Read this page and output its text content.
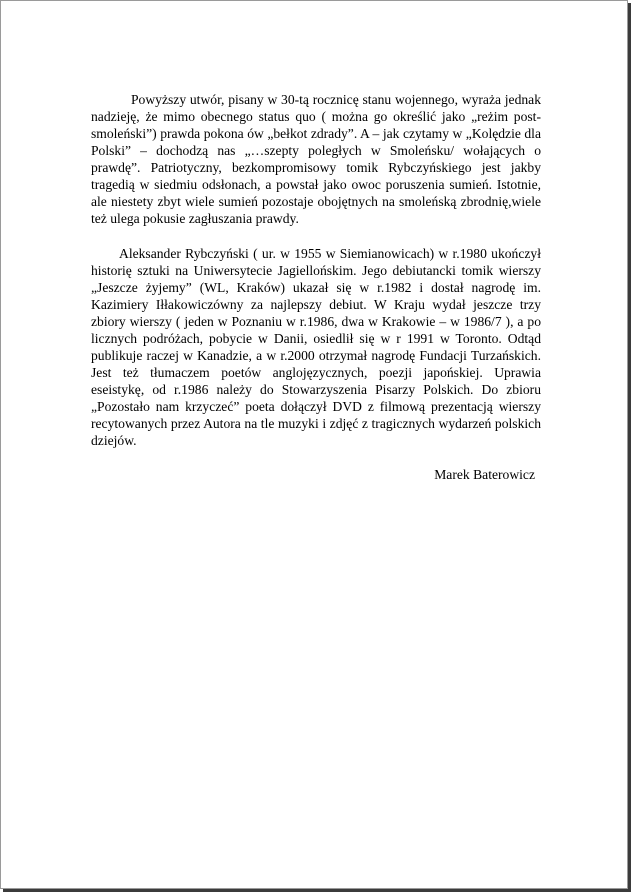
Powyższy utwór, pisany w 30-tą rocznicę stanu wojennego, wyraża jednak nadzieję, że mimo obecnego status quo ( można go określić jako „reżim post-smoleński”) prawda pokona ów „bełkot zdrady”. A – jak czytamy w „Kolędzie dla Polski” – dochodzą nas „…szepty poległych w Smoleńsku/ wołających o prawdę”. Patriotyczny, bezkompromisowy tomik Rybczyńskiego jest jakby tragedią w siedmiu odsłonach, a powstał jako owoc poruszenia sumień. Istotnie, ale niestety zbyt wiele sumień pozostaje obojętnych na smoleńską zbrodnię,wiele też ulega pokusie zagłuszania prawdy.

Aleksander Rybczyński ( ur. w 1955 w Siemianowicach) w r.1980 ukończył historię sztuki na Uniwersytecie Jagiellońskim. Jego debiutancki tomik wierszy „Jeszcze żyjemy” (WL, Kraków) ukazał się w r.1982 i dostał nagrodę im. Kazimiery Iłłakowiczówny za najlepszy debiut. W Kraju wydał jeszcze trzy zbiory wierszy ( jeden w Poznaniu w r.1986, dwa w Krakowie – w 1986/7 ), a po licznych podróżach, pobycie w Danii, osiedlił się w r 1991 w Toronto. Odtąd publikuje raczej w Kanadzie, a w r.2000 otrzymał nagrodę Fundacji Turzańskich. Jest też tłumaczem poetów anglojęzycznych, poezji japońskiej. Uprawia eseistykę, od r.1986 należy do Stowarzyszenia Pisarzy Polskich. Do zbioru „Pozostało nam krzyczeć” poeta dołączył DVD z filmową prezentacją wierszy recytowanych przez Autora na tle muzyki i zdjęć z tragicznych wydarzeń polskich dziejów.

Marek Baterowicz
